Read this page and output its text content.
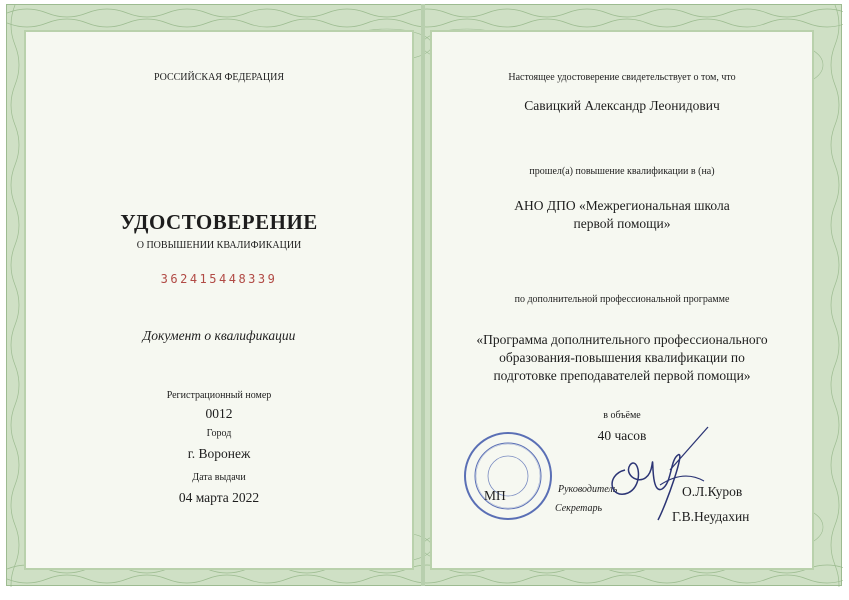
РОССИЙСКАЯ ФЕДЕРАЦИЯ
УДОСТОВЕРЕНИЕ
О ПОВЫШЕНИИ КВАЛИФИКАЦИИ
362415448339
Документ о квалификации
Регистрационный номер
0012
Город
г. Воронеж
Дата выдачи
04 марта 2022
Настоящее удостоверение свидетельствует о том, что
Савицкий Александр Леонидович
прошел(а) повышение квалификации в (на)
АНО ДПО «Межрегиональная школа
первой помощи»
по дополнительной профессиональной программе
«Программа дополнительного профессионального
образования-повышения квалификации по
подготовке преподавателей первой помощи»
в объёме
40 часов
МП	Руководитель
Секретарь
О.Л.Куров
Г.В.Неудахин
